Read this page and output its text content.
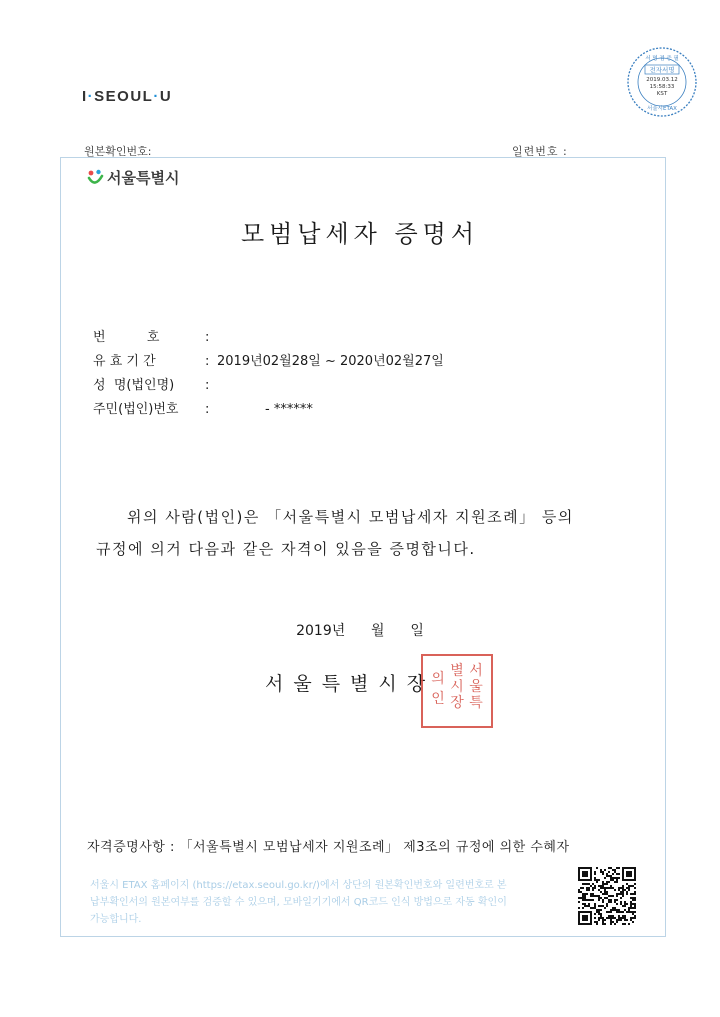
I·SEOUL·U
서 명 검 증 필
전자서명
2019.03.12
15:58:33
KST
서울시ETAX
원본확인번호:	일련번호 :
서울특별시
모범납세자 증명서
번          호	:
유 효 기 간	: 2019년02월28일 ~ 2020년02월27일
성  명(법인명)	:
주민(법인)번호	:	- ******
위의 사람(법인)은 「서울특별시 모범납세자 지원조례」 등의
규정에 의거 다음과 같은 자격이 있음을 증명합니다.
2019년    월    일
서울특별시장
서
울
특
별
시
장
의
인
자격증명사항 : 「서울특별시 모범납세자 지원조례」 제3조의 규정에 의한 수혜자
서울시 ETAX 홈페이지 (https://etax.seoul.go.kr/)에서 상단의 원본확인번호와 일련번호로 본 납부확인서의 원본여부를 검증할 수 있으며, 모바일기기에서 QR코드 인식 방법으로 자동 확인이 가능합니다.
